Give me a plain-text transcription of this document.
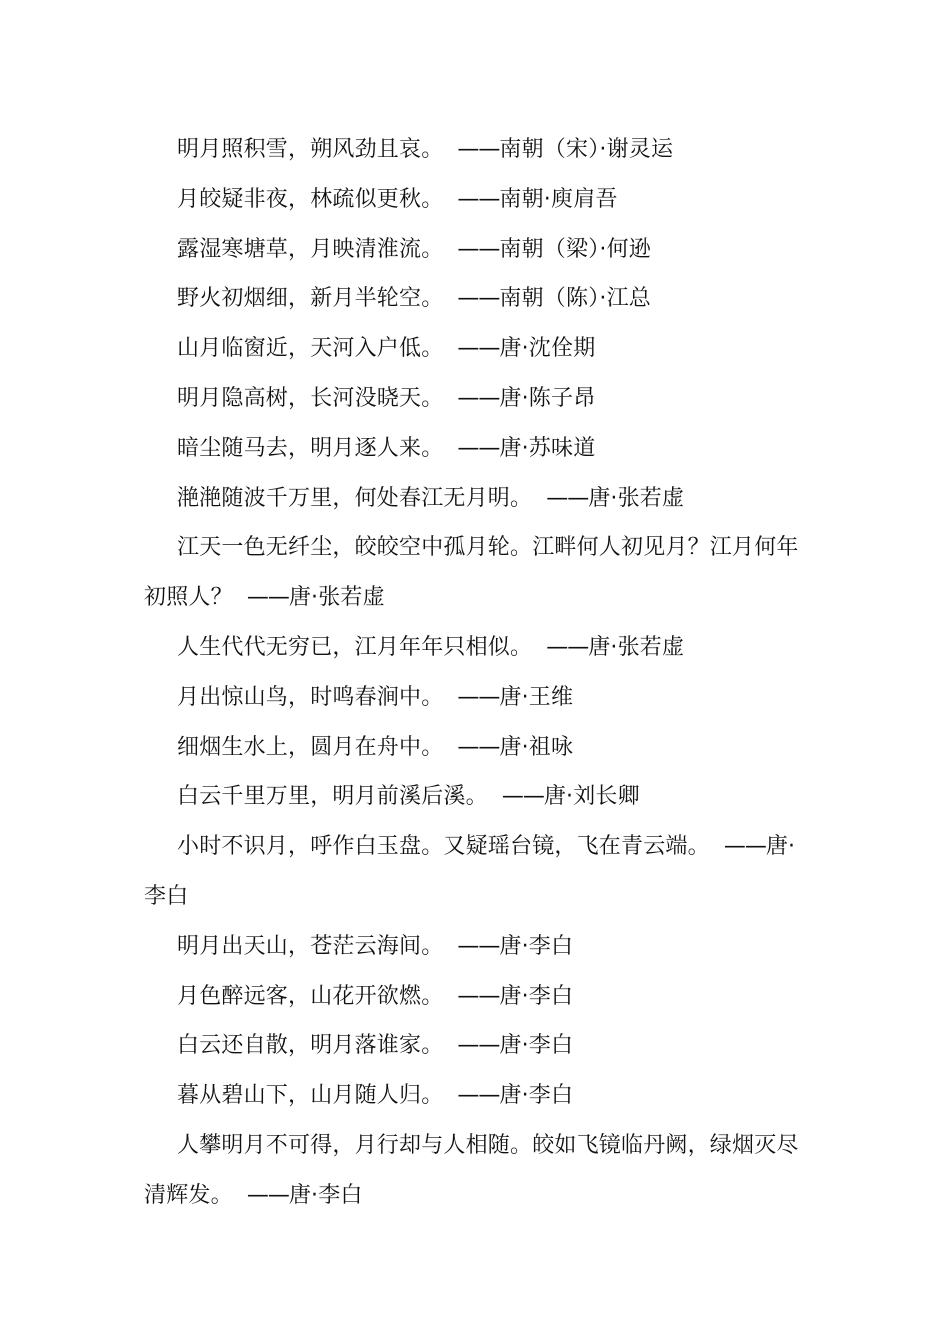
明月照积雪，朔风劲且哀。 ——南朝（宋）·谢灵运

月皎疑非夜，林疏似更秋。 ——南朝·庾肩吾

露湿寒塘草，月映清淮流。 ——南朝（梁）·何逊

野火初烟细，新月半轮空。 ——南朝（陈）·江总

山月临窗近，天河入户低。 ——唐·沈佺期

明月隐高树，长河没晓天。 ——唐·陈子昂

暗尘随马去，明月逐人来。 ——唐·苏味道

滟滟随波千万里，何处春江无月明。 ——唐·张若虚

江天一色无纤尘，皎皎空中孤月轮。江畔何人初见月？江月何年初照人？ ——唐·张若虚

人生代代无穷已，江月年年只相似。 ——唐·张若虚

月出惊山鸟，时鸣春涧中。 ——唐·王维

细烟生水上，圆月在舟中。 ——唐·祖咏

白云千里万里，明月前溪后溪。 ——唐·刘长卿

小时不识月，呼作白玉盘。又疑瑶台镜，飞在青云端。 ——唐·李白

明月出天山，苍茫云海间。 ——唐·李白

月色醉远客，山花开欲燃。 ——唐·李白

白云还自散，明月落谁家。 ——唐·李白

暮从碧山下，山月随人归。 ——唐·李白

人攀明月不可得，月行却与人相随。皎如飞镜临丹阙，绿烟灭尽清辉发。 ——唐·李白
